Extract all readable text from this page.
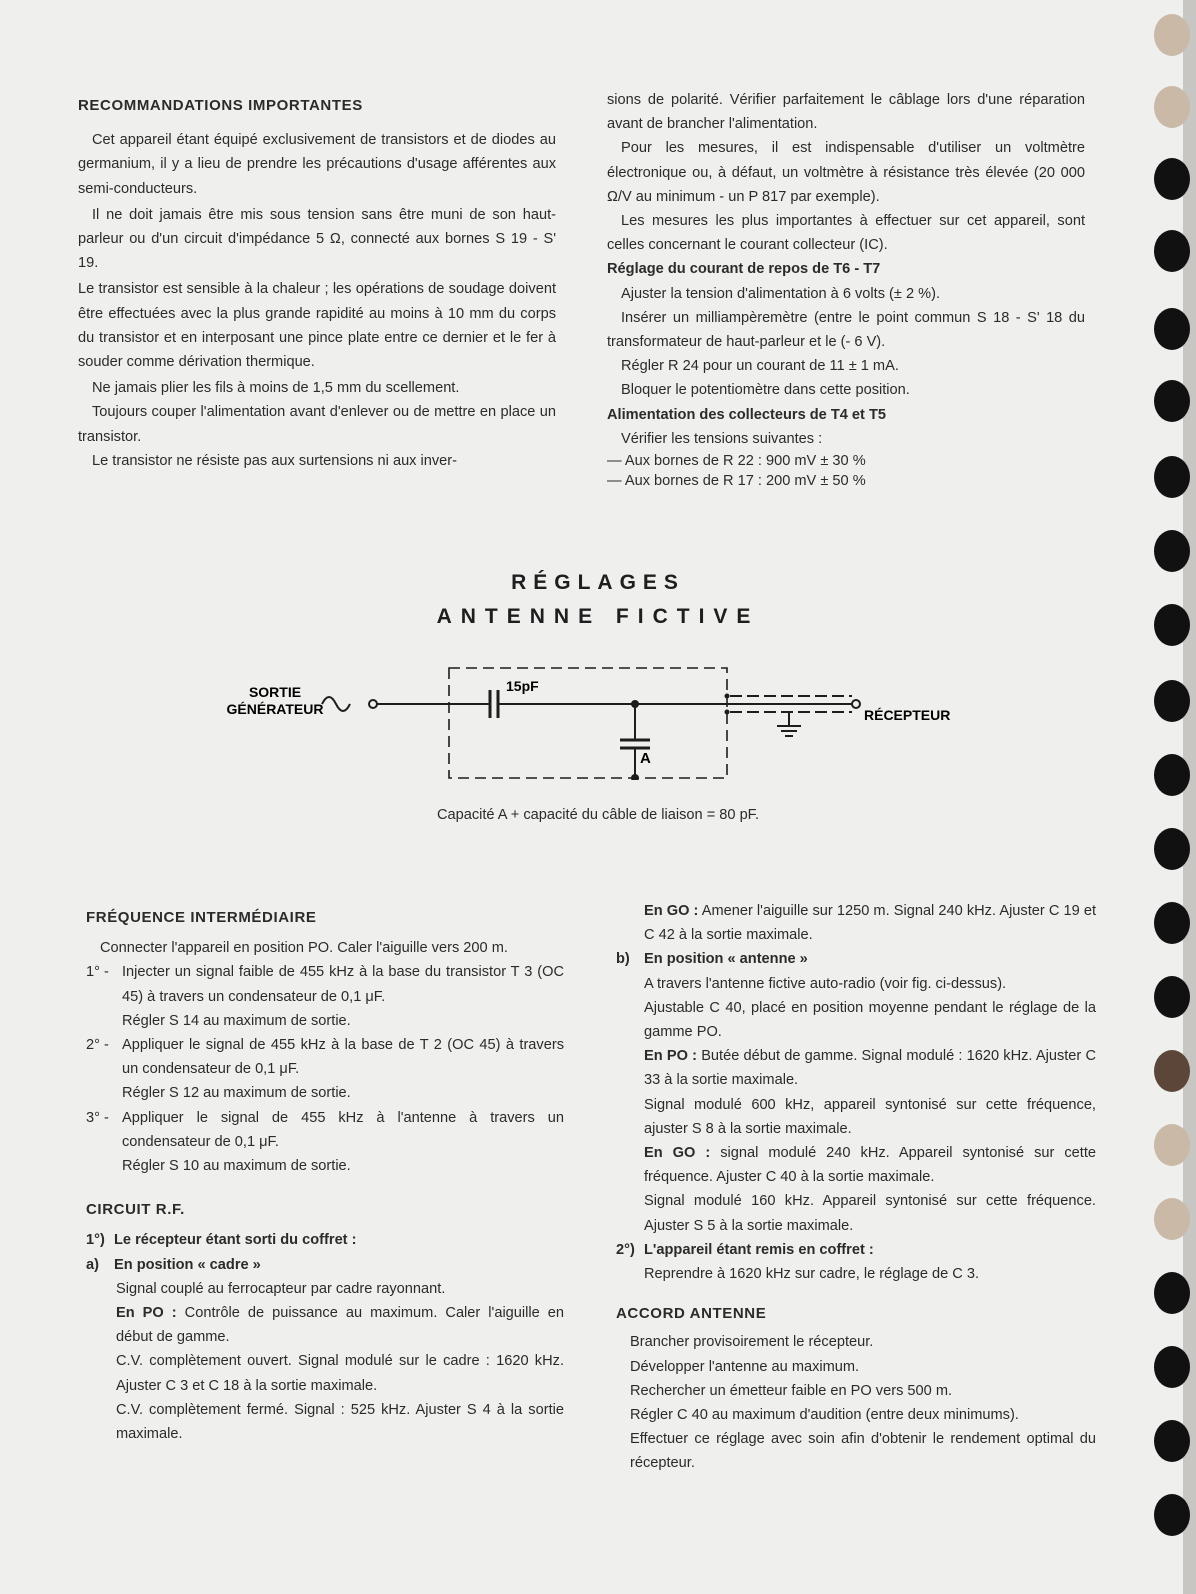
RECOMMANDATIONS IMPORTANTES

Cet appareil étant équipé exclusivement de transistors et de diodes au germanium, il y a lieu de prendre les précautions d'usage afférentes aux semi-conducteurs.

Il ne doit jamais être mis sous tension sans être muni de son haut-parleur ou d'un circuit d'impédance 5 Ω, connecté aux bornes S 19 - S' 19.

Le transistor est sensible à la chaleur ; les opérations de soudage doivent être effectuées avec la plus grande rapidité au moins à 10 mm du corps du transistor et en interposant une pince plate entre ce dernier et le fer à souder comme dérivation thermique.

Ne jamais plier les fils à moins de 1,5 mm du scellement.

Toujours couper l'alimentation avant d'enlever ou de mettre en place un transistor.

Le transistor ne résiste pas aux surtensions ni aux inver-

sions de polarité. Vérifier parfaitement le câblage lors d'une réparation avant de brancher l'alimentation.

Pour les mesures, il est indispensable d'utiliser un voltmètre électronique ou, à défaut, un voltmètre à résistance très élevée (20 000 Ω/V au minimum - un P 817 par exemple).

Les mesures les plus importantes à effectuer sur cet appareil, sont celles concernant le courant collecteur (IC).

Réglage du courant de repos de T6 - T7

Ajuster la tension d'alimentation à 6 volts (± 2 %).

Insérer un milliampèremètre (entre le point commun S 18 - S' 18 du transformateur de haut-parleur et le (- 6 V).

Régler R 24 pour un courant de 11 ± 1 mA.

Bloquer le potentiomètre dans cette position.

Alimentation des collecteurs de T4 et T5

Vérifier les tensions suivantes :

— Aux bornes de R 22 : 900 mV ± 30 %

— Aux bornes de R 17 : 200 mV ± 50 %

RÉGLAGES
ANTENNE FICTIVE
SORTIE
GÉNÉRATEUR
15pF
A
RÉCEPTEUR
Capacité A + capacité du câble de liaison = 80 pF.

FRÉQUENCE INTERMÉDIAIRE

Connecter l'appareil en position PO. Caler l'aiguille vers 200 m.

1° - Injecter un signal faible de 455 kHz à la base du transistor T 3 (OC 45) à travers un condensateur de 0,1 μF.

Régler S 14 au maximum de sortie.

2° - Appliquer le signal de 455 kHz à la base de T 2 (OC 45) à travers un condensateur de 0,1 μF.

Régler S 12 au maximum de sortie.

3° - Appliquer le signal de 455 kHz à l'antenne à travers un condensateur de 0,1 μF.

Régler S 10 au maximum de sortie.

CIRCUIT R.F.

1°) Le récepteur étant sorti du coffret :

a) En position « cadre »

Signal couplé au ferrocapteur par cadre rayonnant.

En PO : Contrôle de puissance au maximum. Caler l'aiguille en début de gamme.

C.V. complètement ouvert. Signal modulé sur le cadre : 1620 kHz. Ajuster C 3 et C 18 à la sortie maximale.

C.V. complètement fermé. Signal : 525 kHz. Ajuster S 4 à la sortie maximale.

En GO : Amener l'aiguille sur 1250 m. Signal 240 kHz. Ajuster C 19 et C 42 à la sortie maximale.

b) En position « antenne »

A travers l'antenne fictive auto-radio (voir fig. ci-dessus).

Ajustable C 40, placé en position moyenne pendant le réglage de la gamme PO.

En PO : Butée début de gamme. Signal modulé : 1620 kHz. Ajuster C 33 à la sortie maximale.

Signal modulé 600 kHz, appareil syntonisé sur cette fréquence, ajuster S 8 à la sortie maximale.

En GO : signal modulé 240 kHz. Appareil syntonisé sur cette fréquence. Ajuster C 40 à la sortie maximale.

Signal modulé 160 kHz. Appareil syntonisé sur cette fréquence. Ajuster S 5 à la sortie maximale.

2°) L'appareil étant remis en coffret :

Reprendre à 1620 kHz sur cadre, le réglage de C 3.

ACCORD ANTENNE

Brancher provisoirement le récepteur.

Développer l'antenne au maximum.

Rechercher un émetteur faible en PO vers 500 m.

Régler C 40 au maximum d'audition (entre deux minimums).

Effectuer ce réglage avec soin afin d'obtenir le rendement optimal du récepteur.
